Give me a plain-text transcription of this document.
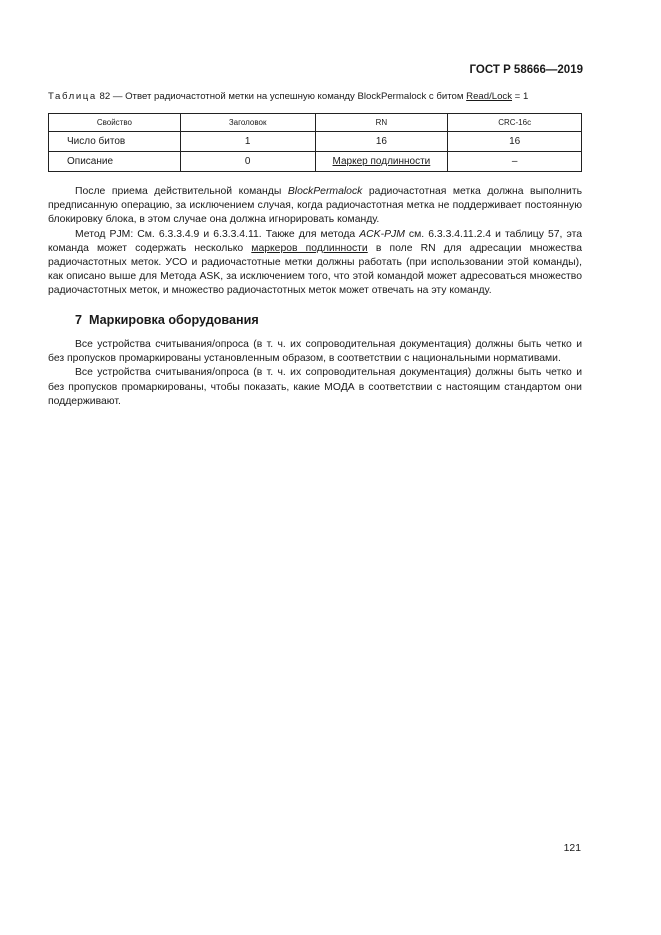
ГОСТ Р 58666—2019
Таблица 82 — Ответ радиочастотной метки на успешную команду BlockPermalock с битом Read/Lock = 1
Свойство	Заголовок	RN	CRC-16с
Число битов	1	16	16
Описание	0	Маркер подлинности	–

После приема действительной команды BlockPermalock радиочастотная метка должна выполнить предписанную операцию, за исключением случая, когда радиочастотная метка не поддерживает постоянную блокировку блока, в этом случае она должна игнорировать команду.

Метод PJM: См. 6.3.3.4.9 и 6.3.3.4.11. Также для метода ACK-PJM см. 6.3.3.4.11.2.4 и таблицу 57, эта команда может содержать несколько маркеров подлинности в поле RN для адресации множества радиочастотных меток. УСО и радиочастотные метки должны работать (при использовании этой команды), как описано выше для Метода ASK, за исключением того, что этой командой может адресоваться множество радиочастотных меток, и множество радиочастотных меток может отвечать на эту команду.

7 Маркировка оборудования

Все устройства считывания/опроса (в т. ч. их сопроводительная документация) должны быть четко и без пропусков промаркированы установленным образом, в соответствии с национальными нормативами.

Все устройства считывания/опроса (в т. ч. их сопроводительная документация) должны быть четко и без пропусков промаркированы, чтобы показать, какие МОДА в соответствии с настоящим стандартом они поддерживают.

121
